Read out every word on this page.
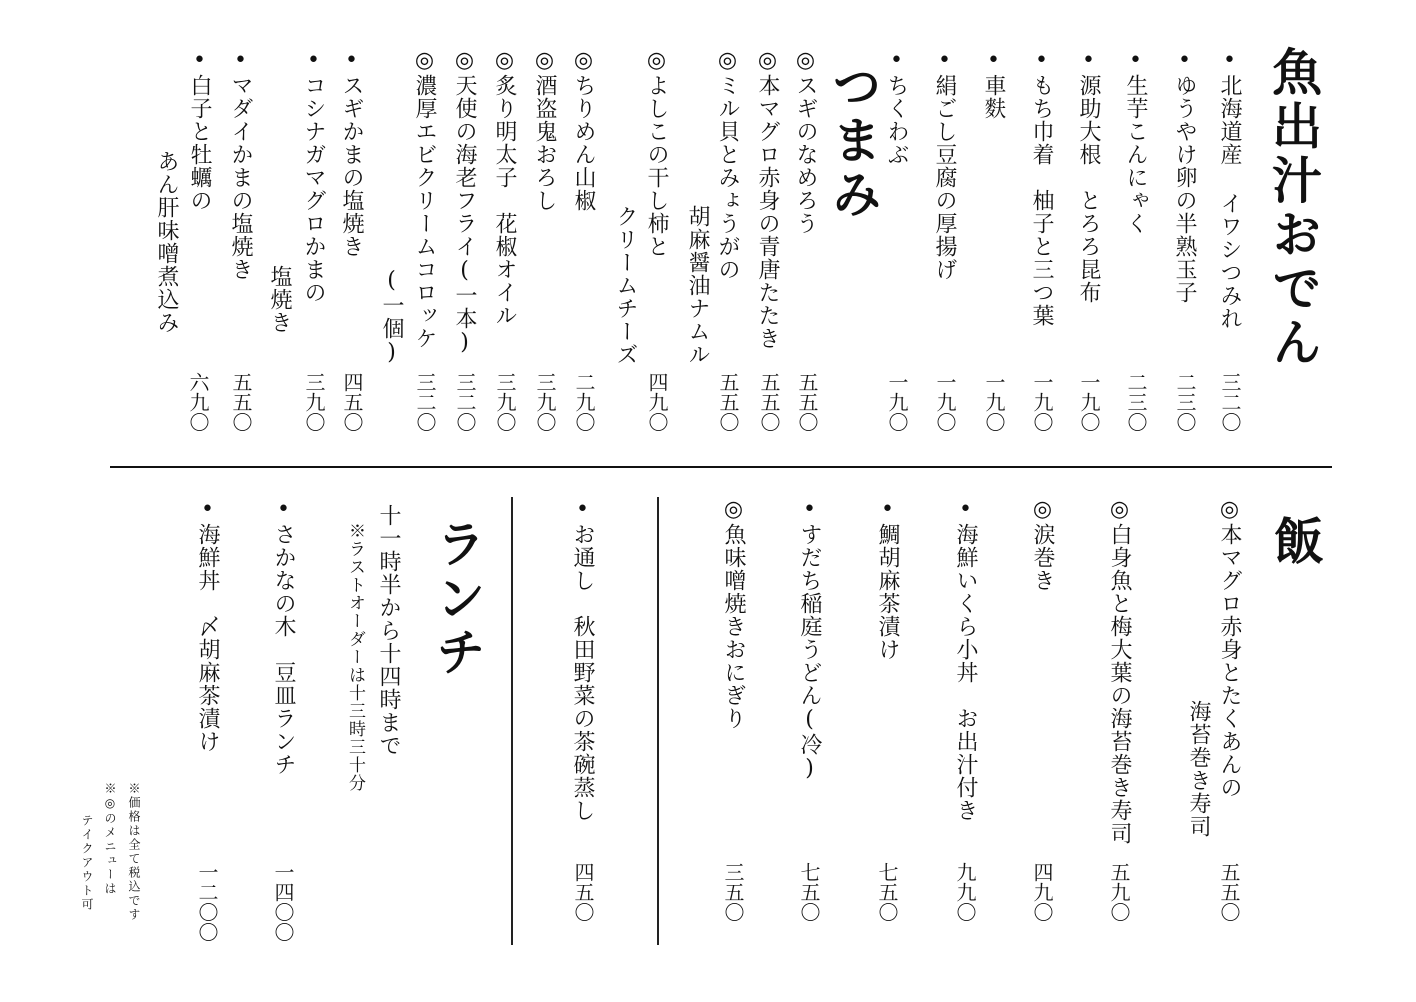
魚出汁おでん
•北海道産 イワシつみれ
三二〇
•ゆうやけ卵の半熟玉子
二三〇
•生芋こんにゃく
二三〇
•源助大根　とろろ昆布
一九〇
•もち巾着　柚子と三つ葉
一九〇
•車麩
一九〇
•絹ごし豆腐の厚揚げ
一九〇
•ちくわぶ
一九〇
つまみ
◎スギのなめろう
五五〇
◎本マグロ赤身の青唐たたき
五五〇
◎ミル貝とみょうがの
胡麻醤油ナムル
五五〇
◎よしこの干し柿と
クリームチーズ
四九〇
◎ちりめん山椒
二九〇
◎酒盗鬼おろし
三九〇
◎炙り明太子　花椒オイル
三九〇
◎天使の海老フライ(一本)
三二〇
◎濃厚エビクリームコロッケ
(一個)
三二〇
•スギかまの塩焼き
四五〇
•コシナガマグロかまの
塩焼き
三九〇
•マダイかまの塩焼き
五五〇
•白子と牡蠣の
あん肝味噌煮込み
六九〇
飯
◎本マグロ赤身とたくあんの
海苔巻き寿司
五五〇
◎白身魚と梅大葉の海苔巻き寿司
五九〇
◎涙巻き
四九〇
•海鮮いくら小丼　お出汁付き
九九〇
•鯛胡麻茶漬け
七五〇
•すだち稲庭うどん(冷)
七五〇
◎魚味噌焼きおにぎり
三五〇
•お通し　秋田野菜の茶碗蒸し
四五〇
ランチ
十一時半から十四時まで
※ラストオーダーは十三時三十分
•さかなの木　豆皿ランチ
一四〇〇
•海鮮丼　〆胡麻茶漬け
一二〇〇
※価格は全て税込です
※◎のメニューは
テイクアウト可
